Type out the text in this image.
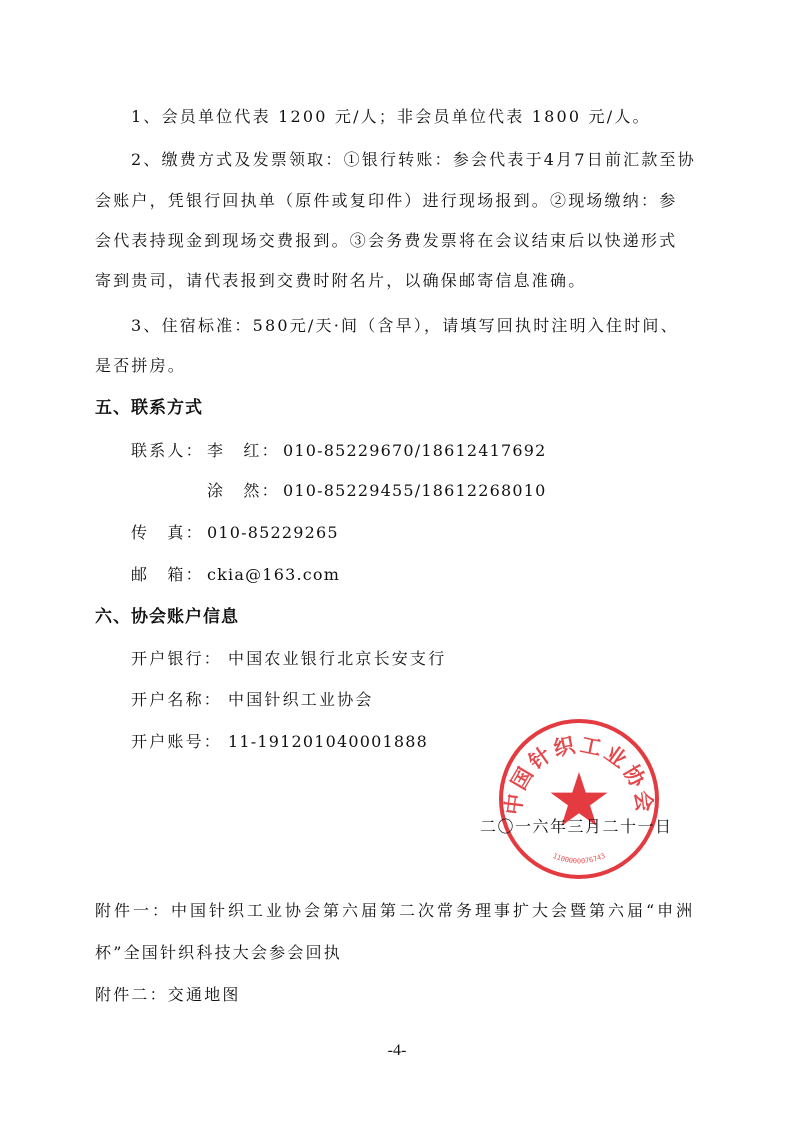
1、会员单位代表 1200 元/人；非会员单位代表 1800 元/人。
2、缴费方式及发票领取：①银行转账：参会代表于4月7日前汇款至协
会账户，凭银行回执单（原件或复印件）进行现场报到。②现场缴纳：参
会代表持现金到现场交费报到。③会务费发票将在会议结束后以快递形式
寄到贵司，请代表报到交费时附名片，以确保邮寄信息准确。
3、住宿标准：580元/天·间（含早），请填写回执时注明入住时间、
是否拼房。
五、联系方式
联系人： 李　红： 010-85229670/18612417692
涂　然： 010-85229455/18612268010
传　真： 010-85229265
邮　箱： ckia@163.com
六、协会账户信息
开户银行： 中国农业银行北京长安支行
开户名称： 中国针织工业协会
开户账号： 11-191201040001888
中国针织工业协会
1100000076743
二〇一六年三月二十一日
附件一：中国针织工业协会第六届第二次常务理事扩大会暨第六届“申洲
杯”全国针织科技大会参会回执
附件二：交通地图
-4-
